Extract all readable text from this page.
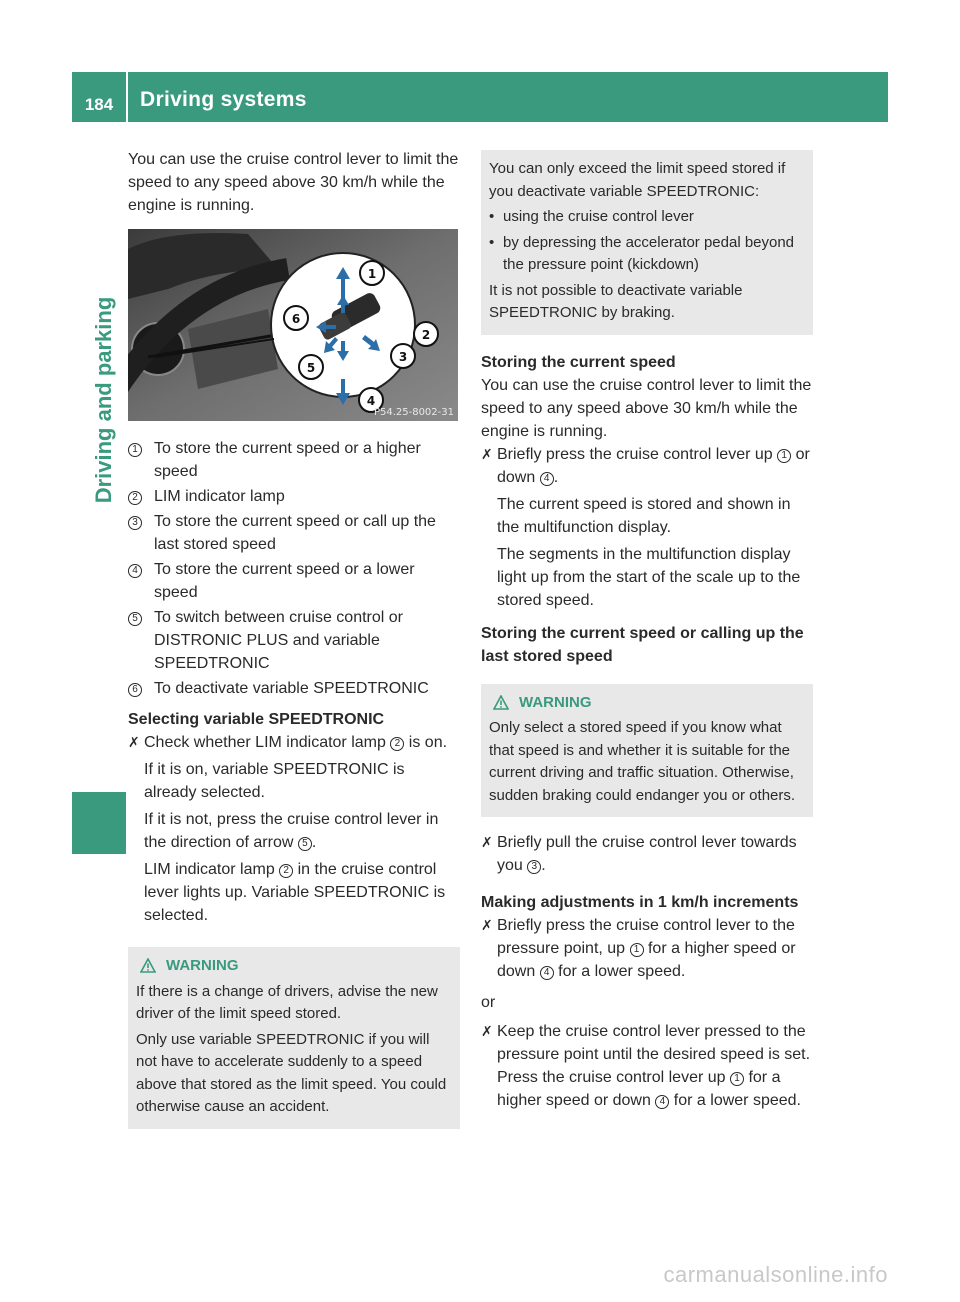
184	Driving systems
Driving and parking

You can use the cruise control lever to limit the speed to any speed above 30 km/h while the engine is running.

1
2
3
4
5
6
P54.25-8002-31
1	To store the current speed or a higher speed
2	LIM indicator lamp
3	To store the current speed or call up the last stored speed
4	To store the current speed or a lower speed
5	To switch between cruise control or DISTRONIC PLUS and variable SPEEDTRONIC
6	To deactivate variable SPEEDTRONIC

Selecting variable SPEEDTRONIC

✗ Check whether LIM indicator lamp 2 is on.
If it is on, variable SPEEDTRONIC is already selected.
If it is not, press the cruise control lever in the direction of arrow 5 .
LIM indicator lamp 2 in the cruise control lever lights up. Variable SPEEDTRONIC is selected.
WARNING

If there is a change of drivers, advise the new driver of the limit speed stored.

Only use variable SPEEDTRONIC if you will not have to accelerate suddenly to a speed above that stored as the limit speed. You could otherwise cause an accident.

You can only exceed the limit speed stored if you deactivate variable SPEEDTRONIC:

• using the cruise control lever
• by depressing the accelerator pedal beyond the pressure point (kickdown)

It is not possible to deactivate variable SPEEDTRONIC by braking.

Storing the current speed

You can use the cruise control lever to limit the speed to any speed above 30 km/h while the engine is running.

✗ Briefly press the cruise control lever up 1 or down 4 .
The current speed is stored and shown in the multifunction display.
The segments in the multifunction display light up from the start of the scale up to the stored speed.

Storing the current speed or calling up the last stored speed

WARNING

Only select a stored speed if you know what that speed is and whether it is suitable for the current driving and traffic situation. Otherwise, sudden braking could endanger you or others.

✗ Briefly pull the cruise control lever towards you 3 .

Making adjustments in 1 km/h increments

✗ Briefly press the cruise control lever to the pressure point, up 1 for a higher speed or down 4 for a lower speed.

or

✗ Keep the cruise control lever pressed to the pressure point until the desired speed is set. Press the cruise control lever up 1 for a higher speed or down 4 for a lower speed.
carmanualsonline.info
